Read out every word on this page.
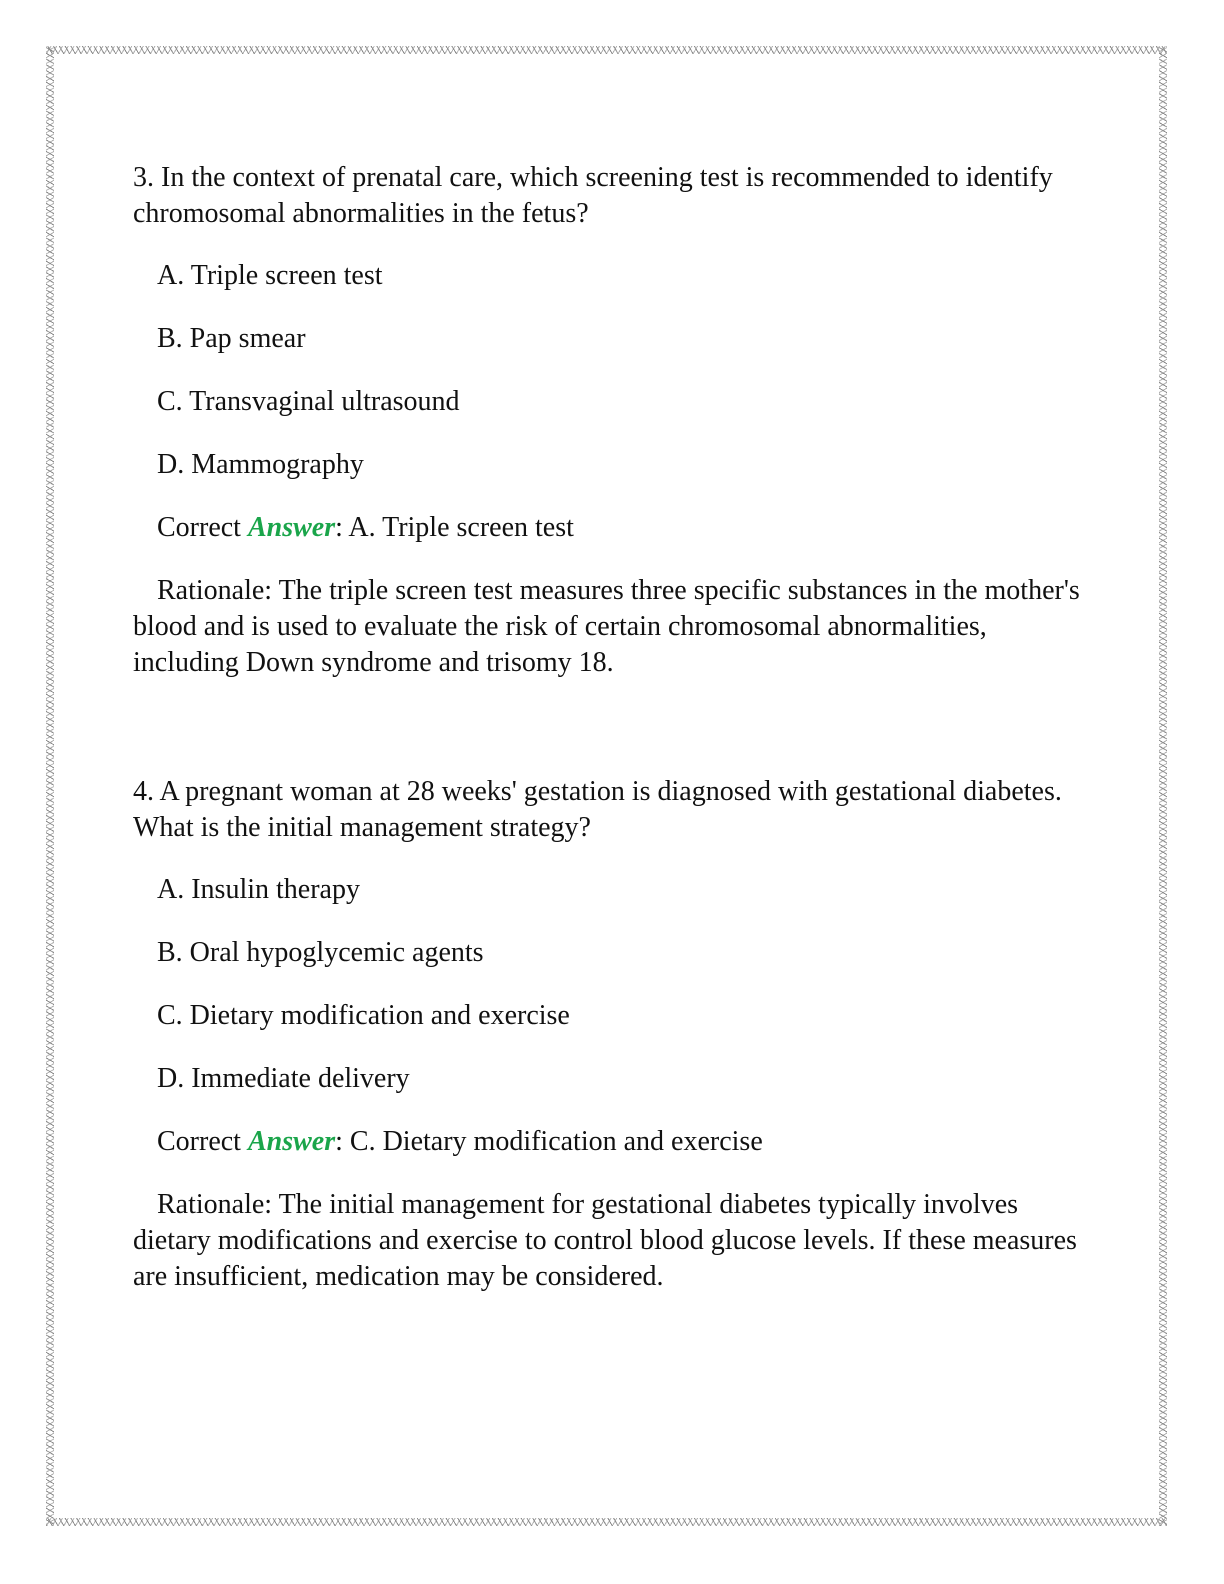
3. In the context of prenatal care, which screening test is recommended to identify chromosomal abnormalities in the fetus?

A. Triple screen test

B. Pap smear

C. Transvaginal ultrasound

D. Mammography

Correct Answer: A. Triple screen test

Rationale: The triple screen test measures three specific substances in the mother's blood and is used to evaluate the risk of certain chromosomal abnormalities, including Down syndrome and trisomy 18.

4. A pregnant woman at 28 weeks' gestation is diagnosed with gestational diabetes. What is the initial management strategy?

A. Insulin therapy

B. Oral hypoglycemic agents

C. Dietary modification and exercise

D. Immediate delivery

Correct Answer: C. Dietary modification and exercise

Rationale: The initial management for gestational diabetes typically involves dietary modifications and exercise to control blood glucose levels. If these measures are insufficient, medication may be considered.
